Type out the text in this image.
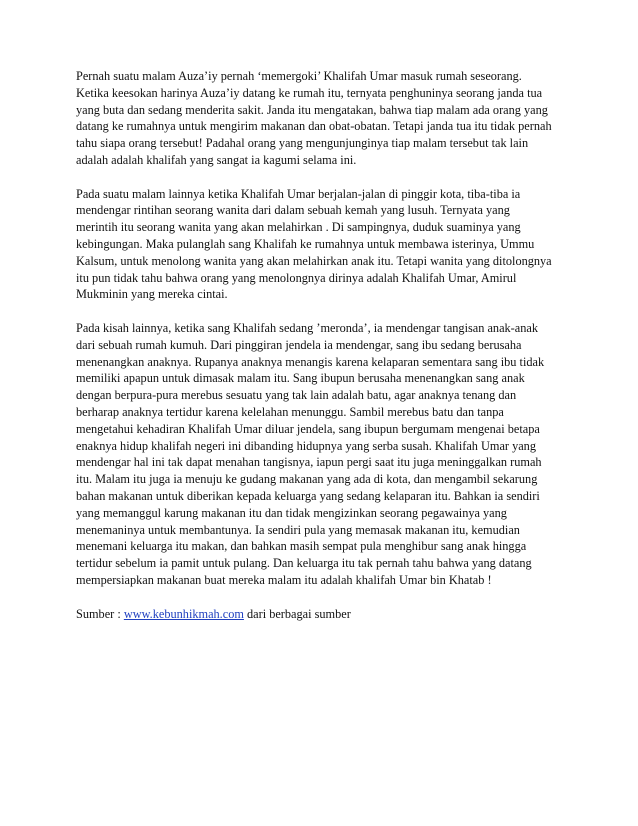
Pernah suatu malam Auza’iy pernah ‘memergoki’ Khalifah Umar masuk rumah seseorang.
Ketika keesokan harinya Auza’iy datang ke rumah itu, ternyata penghuninya seorang janda tua
yang buta dan sedang menderita sakit. Janda itu mengatakan, bahwa tiap malam ada orang yang
datang ke rumahnya untuk mengirim makanan dan obat-obatan. Tetapi janda tua itu tidak pernah
tahu siapa orang tersebut! Padahal orang yang mengunjunginya tiap malam tersebut tak lain
adalah adalah khalifah yang sangat ia kagumi selama ini.
Pada suatu malam lainnya ketika Khalifah Umar berjalan-jalan di pinggir kota, tiba-tiba ia
mendengar rintihan seorang wanita dari dalam sebuah kemah yang lusuh. Ternyata yang
merintih itu seorang wanita yang akan melahirkan . Di sampingnya, duduk suaminya yang
kebingungan. Maka pulanglah sang Khalifah ke rumahnya untuk membawa isterinya, Ummu
Kalsum, untuk menolong wanita yang akan melahirkan anak itu. Tetapi wanita yang ditolongnya
itu pun tidak tahu bahwa orang yang menolongnya dirinya adalah Khalifah Umar, Amirul
Mukminin yang mereka cintai.
Pada kisah lainnya, ketika sang Khalifah sedang ’meronda’, ia mendengar tangisan anak-anak
dari sebuah rumah kumuh. Dari pinggiran jendela ia mendengar, sang ibu sedang berusaha
menenangkan anaknya. Rupanya anaknya menangis karena kelaparan sementara sang ibu tidak
memiliki apapun untuk dimasak malam itu. Sang ibupun berusaha menenangkan sang anak
dengan berpura-pura merebus sesuatu yang tak lain adalah batu, agar anaknya tenang dan
berharap anaknya tertidur karena kelelahan menunggu. Sambil merebus batu dan tanpa
mengetahui kehadiran Khalifah Umar diluar jendela, sang ibupun bergumam mengenai betapa
enaknya hidup khalifah negeri ini dibanding hidupnya yang serba susah. Khalifah Umar yang
mendengar hal ini tak dapat menahan tangisnya, iapun pergi saat itu juga meninggalkan rumah
itu. Malam itu juga ia menuju ke gudang makanan yang ada di kota, dan mengambil sekarung
bahan makanan untuk diberikan kepada keluarga yang sedang kelaparan itu. Bahkan ia sendiri
yang memanggul karung makanan itu dan tidak mengizinkan seorang pegawainya yang
menemaninya untuk membantunya. Ia sendiri pula yang memasak makanan itu, kemudian
menemani keluarga itu makan, dan bahkan masih sempat pula menghibur sang anak hingga
tertidur sebelum ia pamit untuk pulang. Dan keluarga itu tak pernah tahu bahwa yang datang
mempersiapkan makanan buat mereka malam itu adalah khalifah Umar bin Khatab !

Sumber : www.kebunhikmah.com dari berbagai sumber
